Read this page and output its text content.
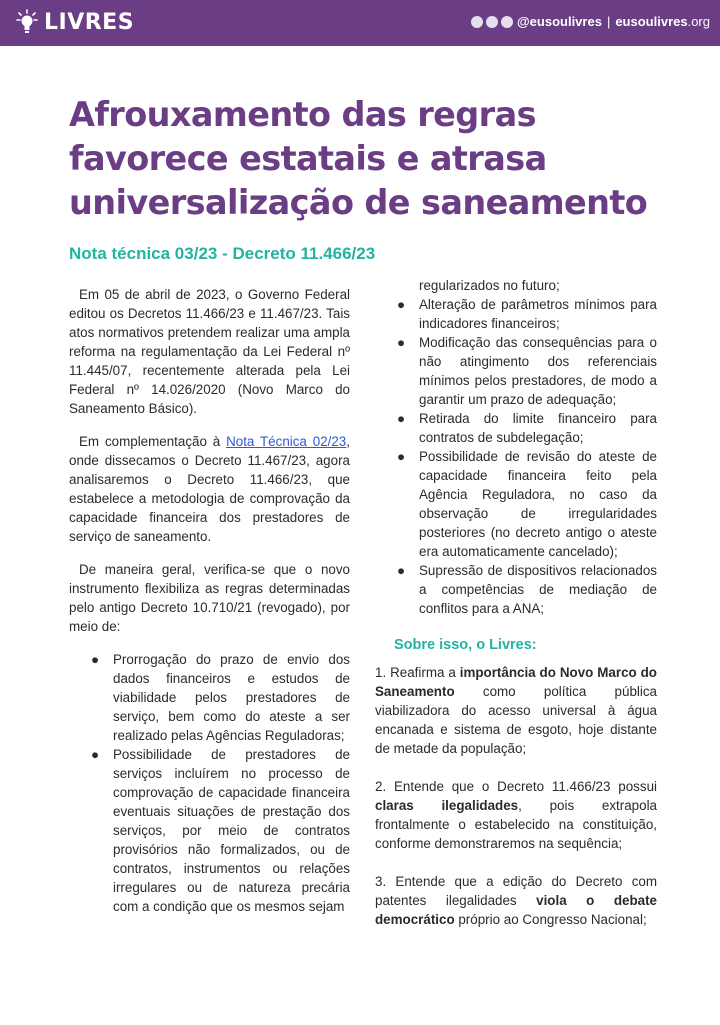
LIVRES	@eusoulivres | eusoulivres.org
Afrouxamento das regras favorece estatais e atrasa universalização de saneamento

Nota técnica 03/23 - Decreto 11.466/23

Em 05 de abril de 2023, o Governo Federal editou os Decretos 11.466/23 e 11.467/23. Tais atos normativos pretendem realizar uma ampla reforma na regulamentação da Lei Federal nº 11.445/07, recentemente alterada pela Lei Federal nº 14.026/2020 (Novo Marco do Saneamento Básico).

Em complementação à Nota Técnica 02/23, onde dissecamos o Decreto 11.467/23, agora analisaremos o Decreto 11.466/23, que estabelece a metodologia de comprovação da capacidade financeira dos prestadores de serviço de saneamento.

De maneira geral, verifica-se que o novo instrumento flexibiliza as regras determinadas pelo antigo Decreto 10.710/21 (revogado), por meio de:

● Prorrogação do prazo de envio dos dados financeiros e estudos de viabilidade pelos prestadores de serviço, bem como do ateste a ser realizado pelas Agências Reguladoras;
● Possibilidade de prestadores de serviços incluírem no processo de comprovação de capacidade financeira eventuais situações de prestação dos serviços, por meio de contratos provisórios não formalizados, ou de contratos, instrumentos ou relações irregulares ou de natureza precária com a condição que os mesmos sejam
regularizados no futuro;
● Alteração de parâmetros mínimos para indicadores financeiros;
● Modificação das consequências para o não atingimento dos referenciais mínimos pelos prestadores, de modo a garantir um prazo de adequação;
● Retirada do limite financeiro para contratos de subdelegação;
● Possibilidade de revisão do ateste de capacidade financeira feito pela Agência Reguladora, no caso da observação de irregularidades posteriores (no decreto antigo o ateste era automaticamente cancelado);
● Supressão de dispositivos relacionados a competências de mediação de conflitos para a ANA;

Sobre isso, o Livres:

1. Reafirma a importância do Novo Marco do Saneamento como política pública viabilizadora do acesso universal à água encanada e sistema de esgoto, hoje distante de metade da população;

2. Entende que o Decreto 11.466/23 possui claras ilegalidades, pois extrapola frontalmente o estabelecido na constituição, conforme demonstraremos na sequência;

3. Entende que a edição do Decreto com patentes ilegalidades viola o debate democrático próprio ao Congresso Nacional;
